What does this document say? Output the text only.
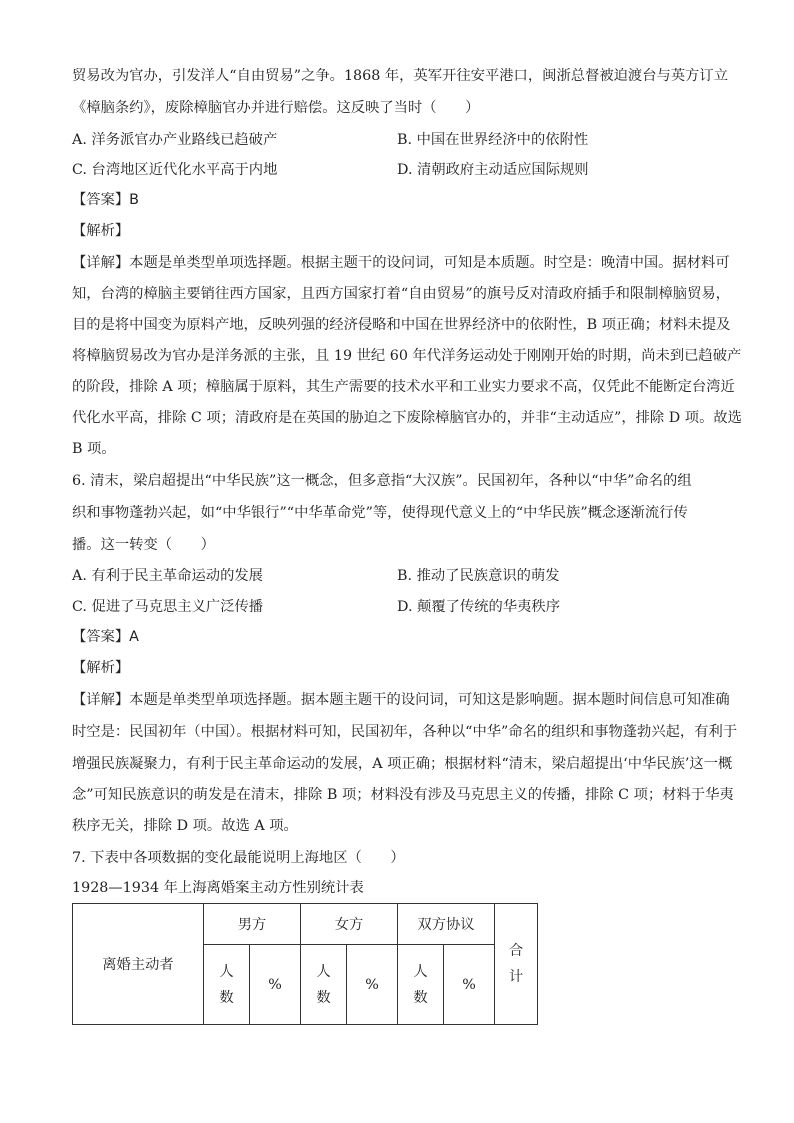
贸易改为官办，引发洋人“自由贸易”之争。1868 年，英军开往安平港口，闽浙总督被迫渡台与英方订立
《樟脑条约》，废除樟脑官办并进行赔偿。这反映了当时（　　）
A. 洋务派官办产业路线已趋破产	B. 中国在世界经济中的依附性
C. 台湾地区近代化水平高于内地	D. 清朝政府主动适应国际规则
【答案】B
【解析】
【详解】本题是单类型单项选择题。根据主题干的设问词，可知是本质题。时空是：晚清中国。据材料可
知，台湾的樟脑主要销往西方国家，且西方国家打着“自由贸易”的旗号反对清政府插手和限制樟脑贸易，
目的是将中国变为原料产地，反映列强的经济侵略和中国在世界经济中的依附性，B 项正确；材料未提及
将樟脑贸易改为官办是洋务派的主张，且 19 世纪 60 年代洋务运动处于刚刚开始的时期，尚未到已趋破产
的阶段，排除 A 项；樟脑属于原料，其生产需要的技术水平和工业实力要求不高，仅凭此不能断定台湾近
代化水平高，排除 C 项；清政府是在英国的胁迫之下废除樟脑官办的，并非“主动适应”，排除 D 项。故选
B 项。
6. 清末，梁启超提出“中华民族”这一概念，但多意指“大汉族”。民国初年，各种以“中华”命名的组
织和事物蓬勃兴起，如“中华银行”“中华革命党”等，使得现代意义上的“中华民族”概念逐渐流行传
播。这一转变（　　）
A. 有利于民主革命运动的发展	B. 推动了民族意识的萌发
C. 促进了马克思主义广泛传播	D. 颠覆了传统的华夷秩序
【答案】A
【解析】
【详解】本题是单类型单项选择题。据本题主题干的设问词，可知这是影响题。据本题时间信息可知准确
时空是：民国初年（中国）。根据材料可知，民国初年，各种以“中华”命名的组织和事物蓬勃兴起，有利于
增强民族凝聚力，有利于民主革命运动的发展，A 项正确；根据材料“清末，梁启超提出‘中华民族’这一概
念”可知民族意识的萌发是在清末，排除 B 项；材料没有涉及马克思主义的传播，排除 C 项；材料于华夷
秩序无关，排除 D 项。故选 A 项。
7. 下表中各项数据的变化最能说明上海地区（　　）
1928—1934 年上海离婚案主动方性别统计表
离婚主动者	男方		女方		双方协议		合计
	人数	%	人数	%	人数	%	
